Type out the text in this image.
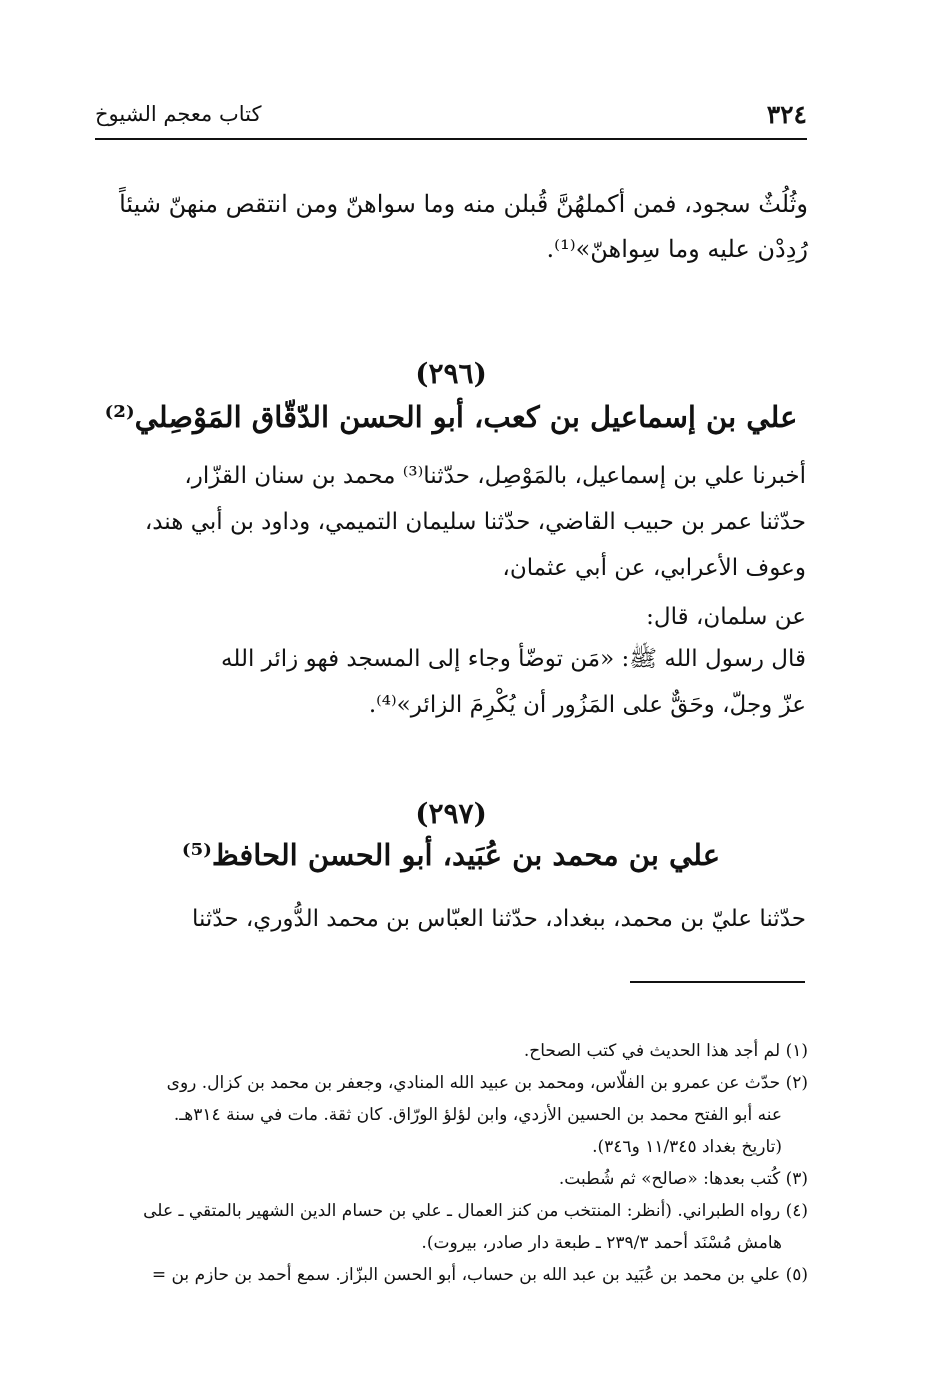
٣٢٤
كتاب معجم الشيوخ
وثُلُثٌ سجود، فمن أكملهُنَّ قُبلن منه وما سواهنّ ومن انتقص منهنّ شيئاً
رُدِدْن عليه وما سِواهنّ»⁽¹⁾.
(٢٩٦)
علي بن إسماعيل بن كعب، أبو الحسن الدّقّاق المَوْصِلي⁽²⁾
أخبرنا علي بن إسماعيل، بالمَوْصِل، حدّثنا⁽³⁾ محمد بن سنان القزّار،
حدّثنا عمر بن حبيب القاضي، حدّثنا سليمان التميمي، وداود بن أبي هند،
وعوف الأعرابي، عن أبي عثمان،
عن سلمان، قال:
قال رسول الله ﷺ: «مَن توضّأ وجاء إلى المسجد فهو زائر الله
عزّ وجلّ، وحَقٌّ على المَزُور أن يُكْرِمَ الزائر»⁽⁴⁾.
(٢٩٧)
علي بن محمد بن عُبَيد، أبو الحسن الحافظ⁽⁵⁾
حدّثنا عليّ بن محمد، ببغداد، حدّثنا العبّاس بن محمد الدُّوري، حدّثنا
(١) لم أجد هذا الحديث في كتب الصحاح.
(٢) حدّث عن عمرو بن الفلّاس، ومحمد بن عبيد الله المنادي، وجعفر بن محمد بن كزال. روى
عنه أبو الفتح محمد بن الحسين الأزدي، وابن لؤلؤ الورّاق. كان ثقة. مات في سنة ٣١٤هـ.
(تاريخ بغداد ١١/٣٤٥ و٣٤٦).
(٣) كُتب بعدها: «صالح» ثم شُطبت.
(٤) رواه الطبراني. (أنظر: المنتخب من كنز العمال ـ علي بن حسام الدين الشهير بالمتقي ـ على
هامش مُسْنَد أحمد ٢٣٩/٣ ـ طبعة دار صادر، بيروت).
(٥) علي بن محمد بن عُبَيد بن عبد الله بن حساب، أبو الحسن البزّاز. سمع أحمد بن حازم بن =
